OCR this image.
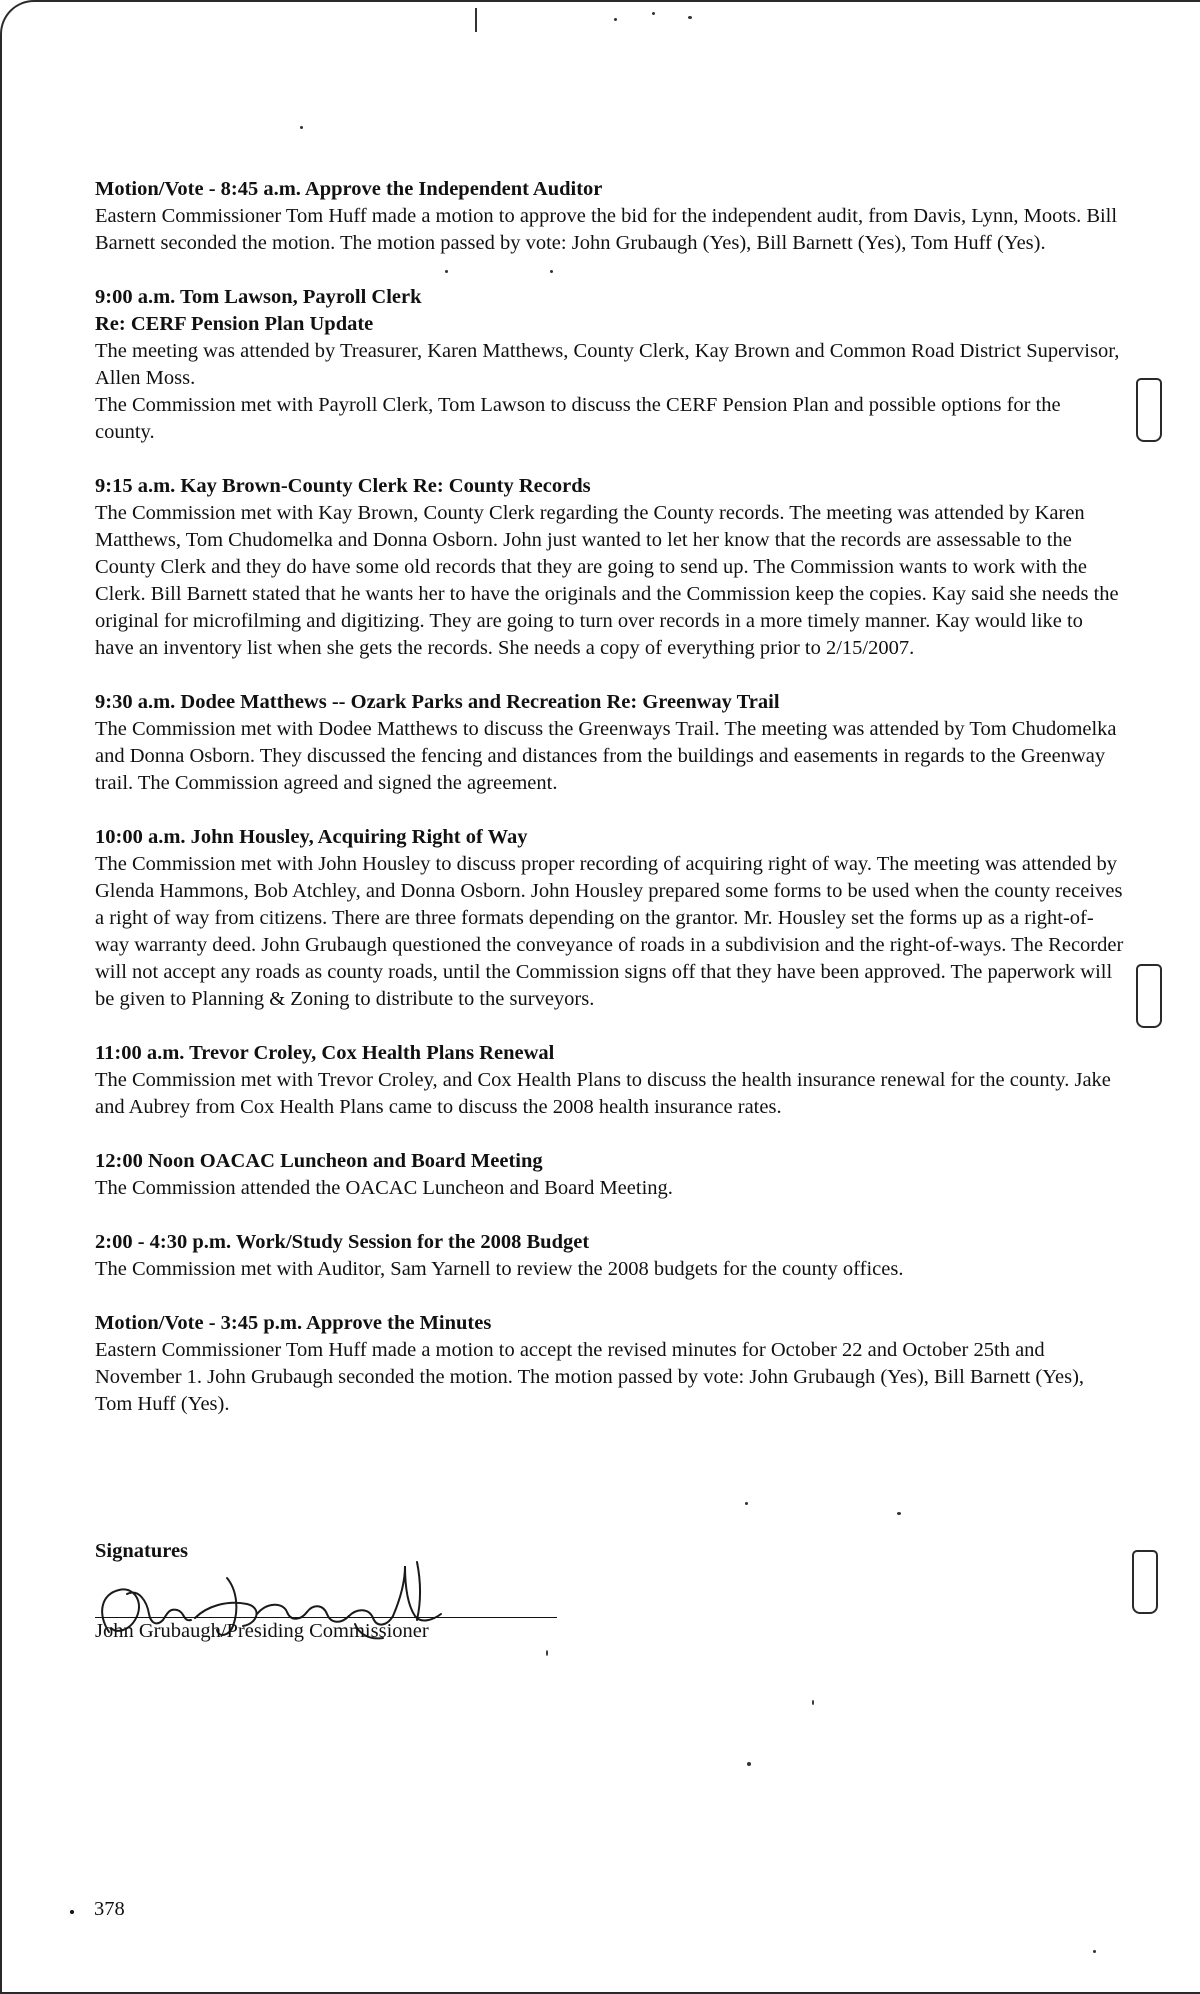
Motion/Vote - 8:45 a.m. Approve the Independent Auditor
Eastern Commissioner Tom Huff made a motion to approve the bid for the independent audit, from Davis, Lynn, Moots. Bill Barnett seconded the motion. The motion passed by vote: John Grubaugh (Yes), Bill Barnett (Yes), Tom Huff (Yes).
9:00 a.m. Tom Lawson, Payroll Clerk
Re: CERF Pension Plan Update
The meeting was attended by Treasurer, Karen Matthews, County Clerk, Kay Brown and Common Road District Supervisor, Allen Moss.
The Commission met with Payroll Clerk, Tom Lawson to discuss the CERF Pension Plan and possible options for the county.
9:15 a.m. Kay Brown-County Clerk Re: County Records
The Commission met with Kay Brown, County Clerk regarding the County records. The meeting was attended by Karen Matthews, Tom Chudomelka and Donna Osborn. John just wanted to let her know that the records are assessable to the County Clerk and they do have some old records that they are going to send up. The Commission wants to work with the Clerk. Bill Barnett stated that he wants her to have the originals and the Commission keep the copies. Kay said she needs the original for microfilming and digitizing. They are going to turn over records in a more timely manner. Kay would like to have an inventory list when she gets the records. She needs a copy of everything prior to 2/15/2007.
9:30 a.m. Dodee Matthews -- Ozark Parks and Recreation Re: Greenway Trail
The Commission met with Dodee Matthews to discuss the Greenways Trail. The meeting was attended by Tom Chudomelka and Donna Osborn. They discussed the fencing and distances from the buildings and easements in regards to the Greenway trail. The Commission agreed and signed the agreement.
10:00 a.m. John Housley, Acquiring Right of Way
The Commission met with John Housley to discuss proper recording of acquiring right of way. The meeting was attended by Glenda Hammons, Bob Atchley, and Donna Osborn. John Housley prepared some forms to be used when the county receives a right of way from citizens. There are three formats depending on the grantor. Mr. Housley set the forms up as a right-of-way warranty deed. John Grubaugh questioned the conveyance of roads in a subdivision and the right-of-ways. The Recorder will not accept any roads as county roads, until the Commission signs off that they have been approved. The paperwork will be given to Planning & Zoning to distribute to the surveyors.
11:00 a.m. Trevor Croley, Cox Health Plans Renewal
The Commission met with Trevor Croley, and Cox Health Plans to discuss the health insurance renewal for the county. Jake and Aubrey from Cox Health Plans came to discuss the 2008 health insurance rates.
12:00 Noon OACAC Luncheon and Board Meeting
The Commission attended the OACAC Luncheon and Board Meeting.
2:00 - 4:30 p.m. Work/Study Session for the 2008 Budget
The Commission met with Auditor, Sam Yarnell to review the 2008 budgets for the county offices.
Motion/Vote - 3:45 p.m. Approve the Minutes
Eastern Commissioner Tom Huff made a motion to accept the revised minutes for October 22 and October 25th and November 1. John Grubaugh seconded the motion. The motion passed by vote: John Grubaugh (Yes), Bill Barnett (Yes), Tom Huff (Yes).
Signatures
John Grubaugh/Presiding Commissioner
378
